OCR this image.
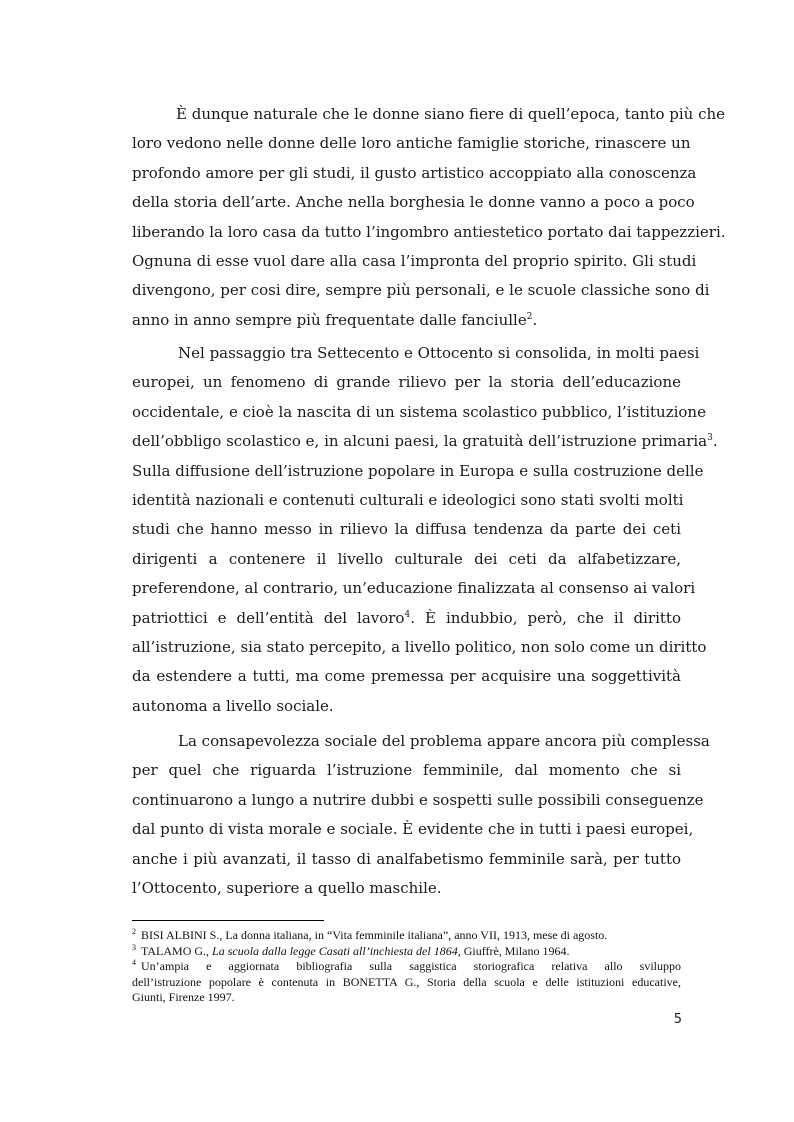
È dunque naturale che le donne siano fiere di quell’epoca, tanto più che
loro vedono nelle donne delle loro antiche famiglie storiche, rinascere un
profondo amore per gli studi, il gusto artistico accoppiato alla conoscenza
della storia dell’arte. Anche nella borghesia le donne vanno a poco a poco
liberando la loro casa da tutto l’ingombro antiestetico portato dai tappezzieri.
Ognuna di esse vuol dare alla casa l’impronta del proprio spirito. Gli studi
divengono, per cosi dire, sempre più personali, e le scuole classiche sono di
anno in anno sempre più frequentate dalle fanciulle$^2$.
Nel passaggio tra Settecento e Ottocento si consolida, in molti paesi
europei, un fenomeno di grande rilievo per la storia dell’educazione
occidentale, e cioè la nascita di un sistema scolastico pubblico, l’istituzione
dell’obbligo scolastico e, in alcuni paesi, la gratuità dell’istruzione primaria$^3$.
Sulla diffusione dell’istruzione popolare in Europa e sulla costruzione delle
identità nazionali e contenuti culturali e ideologici sono stati svolti molti
studi che hanno messo in rilievo la diffusa tendenza da parte dei ceti
dirigenti a contenere il livello culturale dei ceti da alfabetizzare,
preferendone, al contrario, un’educazione finalizzata al consenso ai valori
patriottici e dell’entità del lavoro$^4$. È indubbio, però, che il diritto
all’istruzione, sia stato percepito, a livello politico, non solo come un diritto
da estendere a tutti, ma come premessa per acquisire una soggettività
autonoma a livello sociale.
La consapevolezza sociale del problema appare ancora più complessa
per quel che riguarda l’istruzione femminile, dal momento che si
continuarono a lungo a nutrire dubbi e sospetti sulle possibili conseguenze
dal punto di vista morale e sociale. È evidente che in tutti i paesi europei,
anche i più avanzati, il tasso di analfabetismo femminile sarà, per tutto
l’Ottocento, superiore a quello maschile.
$^2$ BISI ALBINI S., La donna italiana, in “Vita femminile italiana”, anno VII, 1913, mese di agosto.
$^3$ TALAMO G., La scuola dalla legge Casati all’inchiesta del 1864, Giuffrè, Milano 1964.
$^4$ Un’ampia e aggiornata bibliografia sulla saggistica storiografica relativa allo sviluppo
dell’istruzione popolare è contenuta in BONETTA G., Storia della scuola e delle istituzioni educative,
Giunti, Firenze 1997.
5
